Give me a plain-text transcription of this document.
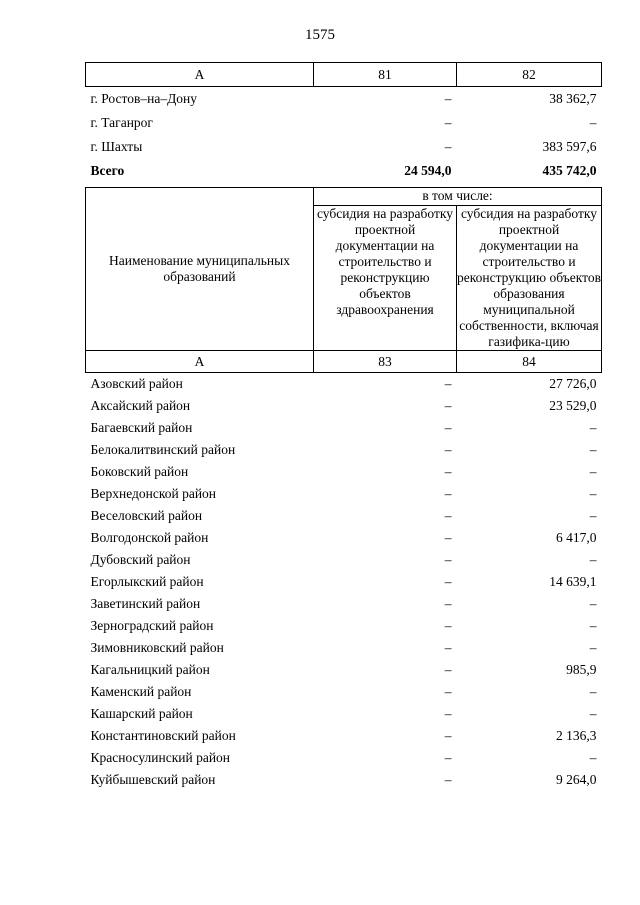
1575
А	81	82
г. Ростов–на–Дону	–	38 362,7
г. Таганрог	–	–
г. Шахты	–	383 597,6
Всего	24 594,0	435 742,0
Наименование муниципальных образований	в том числе:	
	субсидия на разработку проектной документации на строительство и реконструкцию объектов здравоохранения	субсидия на разработку проектной документации на строительство и реконструкцию объектов образования муниципальной собственности, включая газифика-цию
А	83	84
Азовский район	–	27 726,0
Аксайский район	–	23 529,0
Багаевский район	–	–
Белокалитвинский район	–	–
Боковский район	–	–
Верхнедонской район	–	–
Веселовский район	–	–
Волгодонской район	–	6 417,0
Дубовский район	–	–
Егорлыкский район	–	14 639,1
Заветинский район	–	–
Зерноградский район	–	–
Зимовниковский район	–	–
Кагальницкий район	–	985,9
Каменский район	–	–
Кашарский район	–	–
Константиновский район	–	2 136,3
Красносулинский район	–	–
Куйбышевский район	–	9 264,0
